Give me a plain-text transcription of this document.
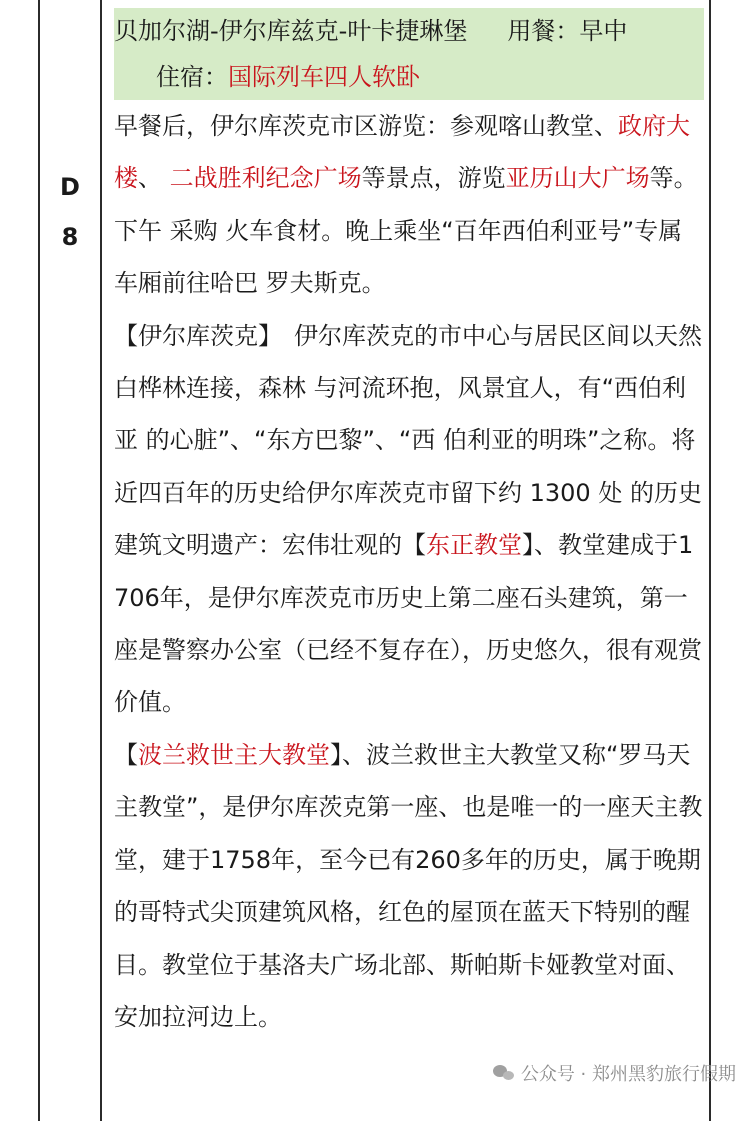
D
8
贝加尔湖-伊尔库兹克-叶卡捷琳堡 用餐：早中
住宿：国际列车四人软卧

早餐后，伊尔库茨克市区游览：参观喀山教堂、政府大楼、 二战胜利纪念广场等景点，游览亚历山大广场等。下午 采购 火车食材。晚上乘坐“百年西伯利亚号”专属车厢前往哈巴 罗夫斯克。

【伊尔库茨克】　伊尔库茨克的市中心与居民区间以天然白桦林连接，森林 与河流环抱，风景宜人，有“西伯利亚 的心脏”、“东方巴黎”、“西 伯利亚的明珠”之称。将近四百年的历史给伊尔库茨克市留下约 1300 处 的历史 建筑文明遗产：宏伟壮观的【东正教堂】、教堂建成于1706年，是伊尔库茨克市历史上第二座石头建筑，第一座是警察办公室（已经不复存在），历史悠久，很有观赏价值。

【波兰救世主大教堂】、波兰救世主大教堂又称“罗马天主教堂”，是伊尔库茨克第一座、也是唯一的一座天主教堂，建于1758年，至今已有260多年的历史，属于晚期的哥特式尖顶建筑风格，红色的屋顶在蓝天下特别的醒目。教堂位于基洛夫广场北部、斯帕斯卡娅教堂对面、安加拉河边上。

公众号 · 郑州黑豹旅行假期
